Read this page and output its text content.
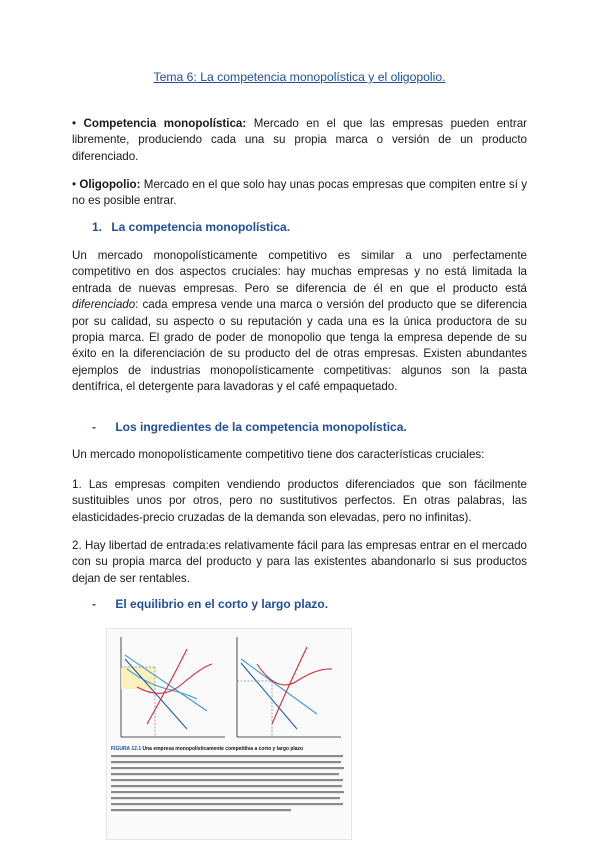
Tema 6: La competencia monopolística y el oligopolio.
• Competencia monopolística: Mercado en el que las empresas pueden entrar libremente, produciendo cada una su propia marca o versión de un producto diferenciado.
• Oligopolio: Mercado en el que solo hay unas pocas empresas que compiten entre sí y no es posible entrar.
1. La competencia monopolística.
Un mercado monopolísticamente competitivo es similar a uno perfectamente competitivo en dos aspectos cruciales: hay muchas empresas y no está limitada la entrada de nuevas empresas. Pero se diferencia de él en que el producto está diferenciado: cada empresa vende una marca o versión del producto que se diferencia por su calidad, su aspecto o su reputación y cada una es la única productora de su propia marca. El grado de poder de monopolio que tenga la empresa depende de su éxito en la diferenciación de su producto del de otras empresas. Existen abundantes ejemplos de industrias monopolísticamente competitivas: algunos son la pasta dentífrica, el detergente para lavadoras y el café empaquetado.
- Los ingredientes de la competencia monopolística.
Un mercado monopolísticamente competitivo tiene dos características cruciales:
1. Las empresas compiten vendiendo productos diferenciados que son fácilmente sustituibles unos por otros, pero no sustitutivos perfectos. En otras palabras, las elasticidades-precio cruzadas de la demanda son elevadas, pero no infinitas).
2. Hay libertad de entrada:es relativamente fácil para las empresas entrar en el mercado con su propia marca del producto y para las existentes abandonarlo si sus productos dejan de ser rentables.
- El equilibrio en el corto y largo plazo.
FIGURA 12.1 Una empresa monopolísticamente competitiva a corto y largo plazo
